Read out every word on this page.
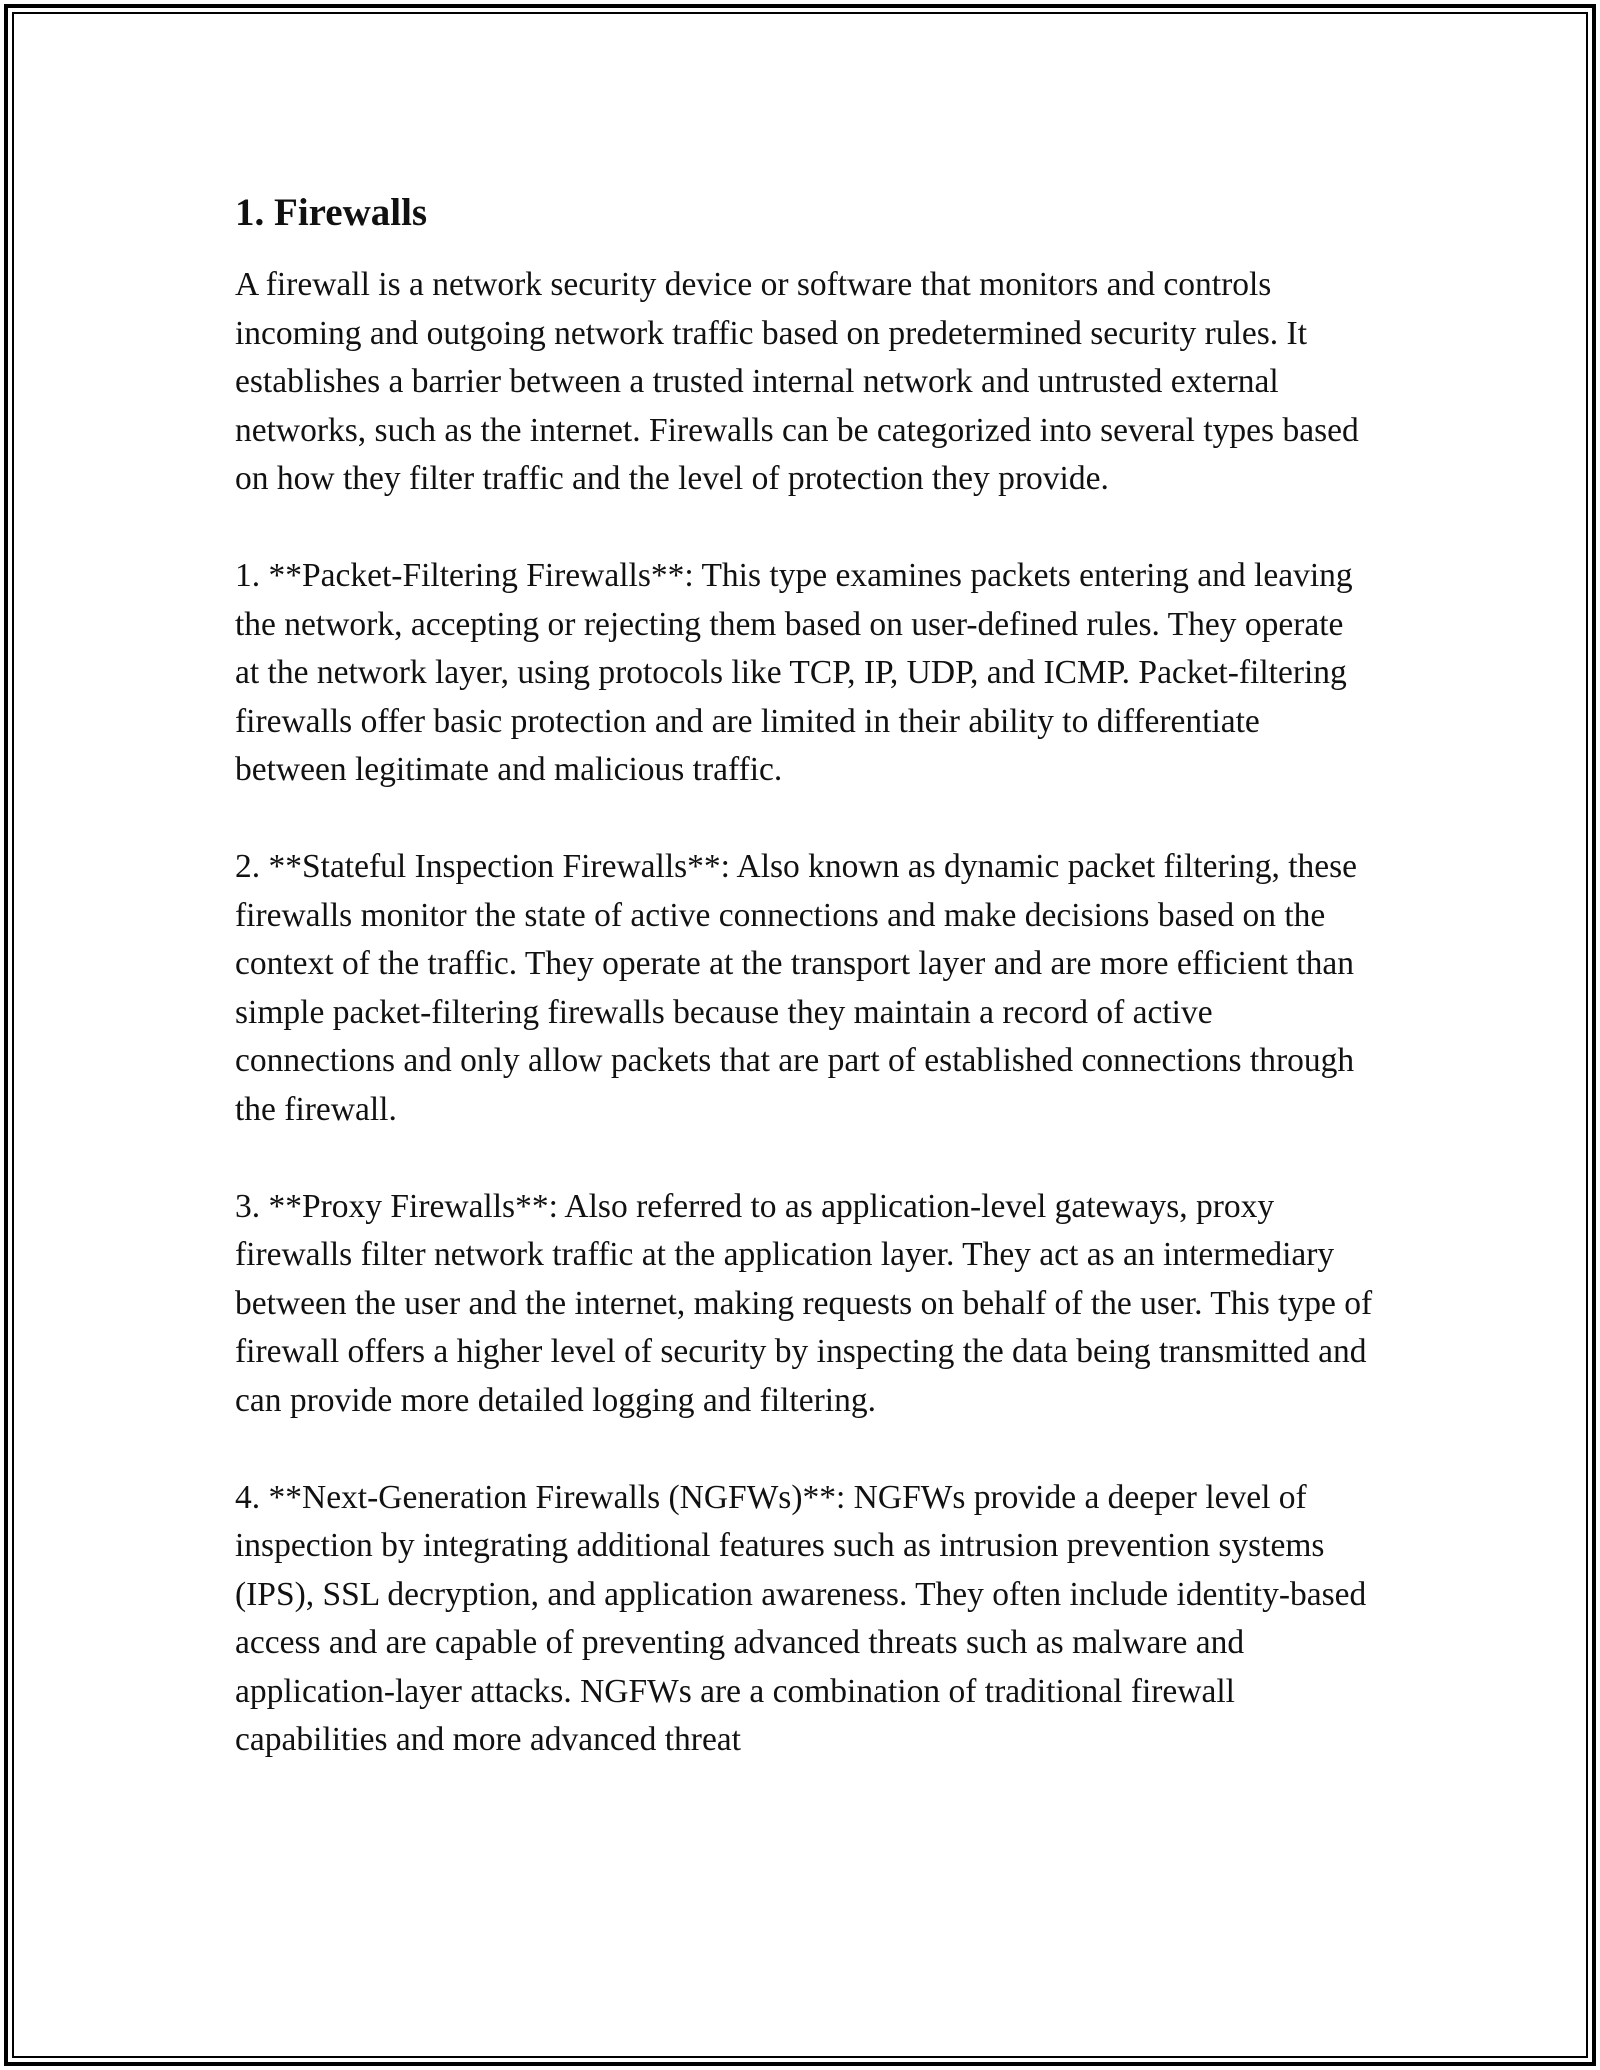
1. Firewalls

A firewall is a network security device or software that monitors and controls incoming and outgoing network traffic based on predetermined security rules. It establishes a barrier between a trusted internal network and untrusted external networks, such as the internet. Firewalls can be categorized into several types based on how they filter traffic and the level of protection they provide.

1. **Packet-Filtering Firewalls**: This type examines packets entering and leaving the network, accepting or rejecting them based on user-defined rules. They operate at the network layer, using protocols like TCP, IP, UDP, and ICMP. Packet-filtering firewalls offer basic protection and are limited in their ability to differentiate between legitimate and malicious traffic.

2. **Stateful Inspection Firewalls**: Also known as dynamic packet filtering, these firewalls monitor the state of active connections and make decisions based on the context of the traffic. They operate at the transport layer and are more efficient than simple packet-filtering firewalls because they maintain a record of active connections and only allow packets that are part of established connections through the firewall.

3. **Proxy Firewalls**: Also referred to as application-level gateways, proxy firewalls filter network traffic at the application layer. They act as an intermediary between the user and the internet, making requests on behalf of the user. This type of firewall offers a higher level of security by inspecting the data being transmitted and can provide more detailed logging and filtering.

4. **Next-Generation Firewalls (NGFWs)**: NGFWs provide a deeper level of inspection by integrating additional features such as intrusion prevention systems (IPS), SSL decryption, and application awareness. They often include identity-based access and are capable of preventing advanced threats such as malware and application-layer attacks. NGFWs are a combination of traditional firewall capabilities and more advanced threat
